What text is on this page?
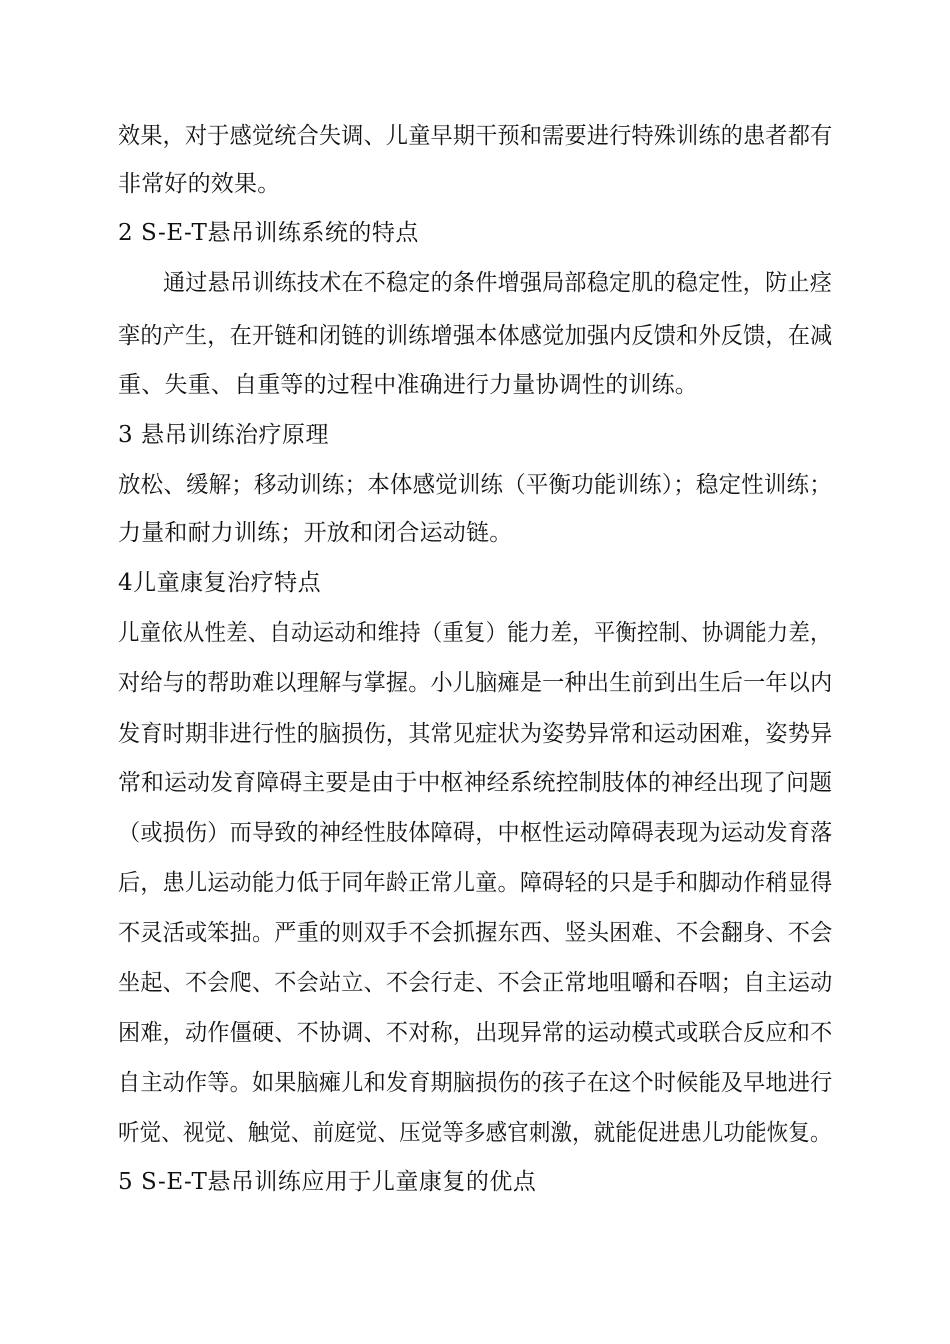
效果，对于感觉统合失调、儿童早期干预和需要进行特殊训练的患者都有
非常好的效果。
2 S-E-T悬吊训练系统的特点
通过悬吊训练技术在不稳定的条件增强局部稳定肌的稳定性，防止痉
挛的产生，在开链和闭链的训练增强本体感觉加强内反馈和外反馈，在减
重、失重、自重等的过程中准确进行力量协调性的训练。
3 悬吊训练治疗原理
放松、缓解；移动训练；本体感觉训练（平衡功能训练）；稳定性训练；
力量和耐力训练；开放和闭合运动链。
4儿童康复治疗特点
儿童依从性差、自动运动和维持（重复）能力差，平衡控制、协调能力差，
对给与的帮助难以理解与掌握。小儿脑瘫是一种出生前到出生后一年以内
发育时期非进行性的脑损伤，其常见症状为姿势异常和运动困难，姿势异
常和运动发育障碍主要是由于中枢神经系统控制肢体的神经出现了问题
（或损伤）而导致的神经性肢体障碍，中枢性运动障碍表现为运动发育落
后，患儿运动能力低于同年龄正常儿童。障碍轻的只是手和脚动作稍显得
不灵活或笨拙。严重的则双手不会抓握东西、竖头困难、不会翻身、不会
坐起、不会爬、不会站立、不会行走、不会正常地咀嚼和吞咽；自主运动
困难，动作僵硬、不协调、不对称，出现异常的运动模式或联合反应和不
自主动作等。如果脑瘫儿和发育期脑损伤的孩子在这个时候能及早地进行
听觉、视觉、触觉、前庭觉、压觉等多感官刺激，就能促进患儿功能恢复。
5 S-E-T悬吊训练应用于儿童康复的优点
